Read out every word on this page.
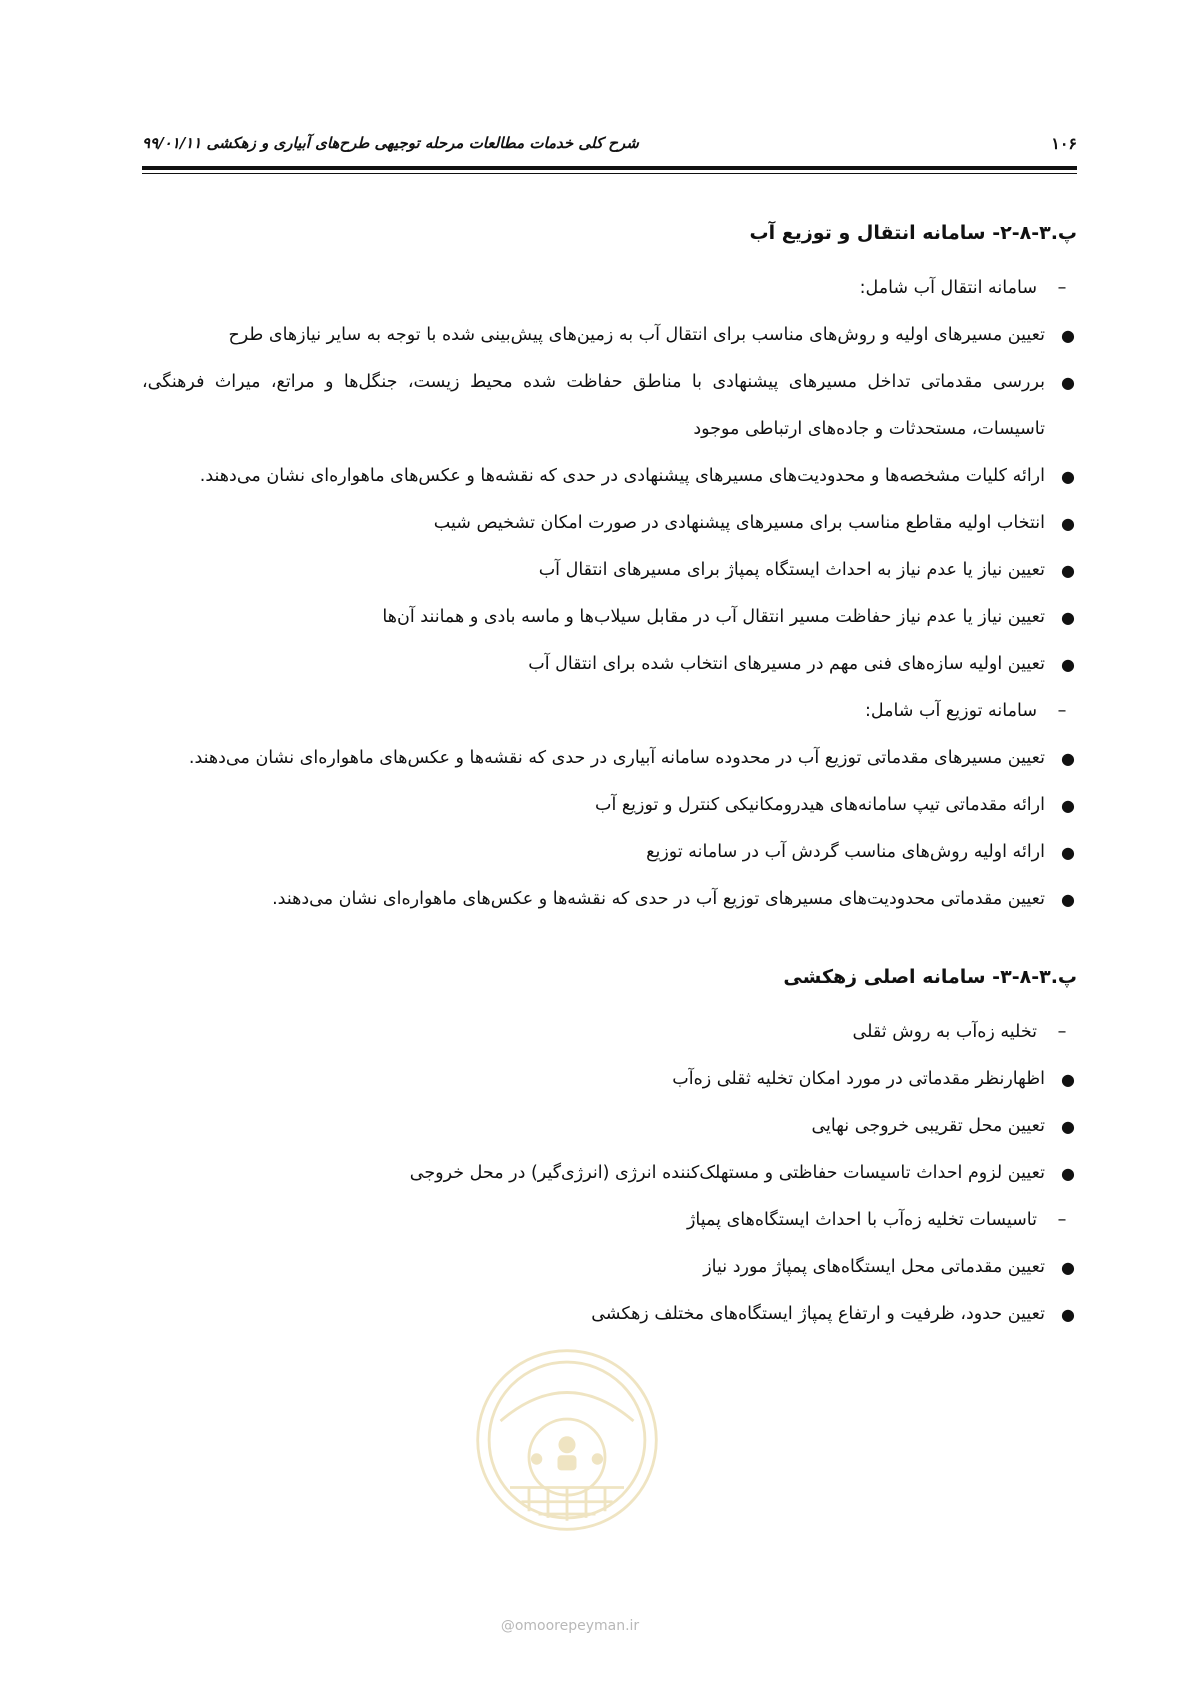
۱۰۶
شرح کلی خدمات مطالعات مرحله توجیهی طرح‌های آبیاری و زهکشی ۹۹/۰۱/۱۱
پ.۳-۸-۲- سامانه انتقال و توزیع آب
–
سامانه انتقال آب شامل:
●
تعیین مسیرهای اولیه و روش‌های مناسب برای انتقال آب به زمین‌های پیش‌بینی شده با توجه به سایر نیازهای طرح
●
بررسی مقدماتی تداخل مسیرهای پیشنهادی با مناطق حفاظت شده محیط زیست، جنگل‌ها و مراتع، میراث فرهنگی، تاسیسات، مستحدثات و جاده‌های ارتباطی موجود
●
ارائه کلیات مشخصه‌ها و محدودیت‌های مسیرهای پیشنهادی در حدی که نقشه‌ها و عکس‌های ماهواره‌ای نشان می‌دهند.
●
انتخاب اولیه مقاطع مناسب برای مسیرهای پیشنهادی در صورت امکان تشخیص شیب
●
تعیین نیاز یا عدم نیاز به احداث ایستگاه پمپاژ برای مسیرهای انتقال آب
●
تعیین نیاز یا عدم نیاز حفاظت مسیر انتقال آب در مقابل سیلاب‌ها و ماسه بادی و همانند آن‌ها
●
تعیین اولیه سازه‌های فنی مهم در مسیرهای انتخاب شده برای انتقال آب
–
سامانه توزیع آب شامل:
●
تعیین مسیرهای مقدماتی توزیع آب در محدوده سامانه آبیاری در حدی که نقشه‌ها و عکس‌های ماهواره‌ای نشان می‌دهند.
●
ارائه مقدماتی تیپ سامانه‌های هیدرومکانیکی کنترل و توزیع آب
●
ارائه اولیه روش‌های مناسب گردش آب در سامانه توزیع
●
تعیین مقدماتی محدودیت‌های مسیرهای توزیع آب در حدی که نقشه‌ها و عکس‌های ماهواره‌ای نشان می‌دهند.
پ.۳-۸-۳- سامانه اصلی زهکشی
–
تخلیه زه‌آب به روش ثقلی
●
اظهارنظر مقدماتی در مورد امکان تخلیه ثقلی زه‌آب
●
تعیین محل تقریبی خروجی نهایی
●
تعیین لزوم احداث تاسیسات حفاظتی و مستهلک‌کننده انرژی (انرژی‌گیر) در محل خروجی
–
تاسیسات تخلیه زه‌آب با احداث ایستگاه‌های پمپاژ
●
تعیین مقدماتی محل ایستگاه‌های پمپاژ مورد نیاز
●
تعیین حدود، ظرفیت و ارتفاع پمپاژ ایستگاه‌های مختلف زهکشی
@omoorepeyman.ir
